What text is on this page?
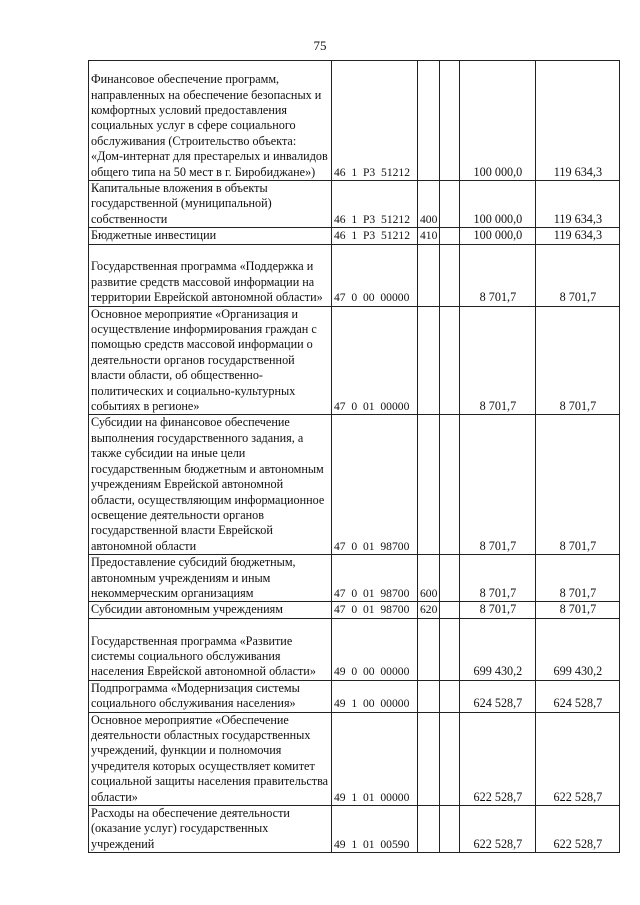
75
Финансовое обеспечение программ, направленных на обеспечение безопасных и комфортных условий предоставления социальных услуг в сфере социального обслуживания (Строительство объекта: «Дом-интернат для престарелых и инвалидов общего типа на 50 мест в г. Биробиджане»)	46  1  Р3  51212			100 000,0	119 634,3
Капитальные вложения в объекты государственной (муниципальной) собственности	46  1  Р3  51212	400		100 000,0	119 634,3
Бюджетные инвестиции	46  1  Р3  51212	410		100 000,0	119 634,3
Государственная программа «Поддержка и развитие средств массовой информации на территории Еврейской автономной области»	47  0  00  00000			8 701,7	8 701,7
Основное мероприятие «Организация и осуществление информирования граждан с помощью средств массовой информации о деятельности органов государственной власти области, об общественно-политических и социально-культурных событиях в регионе»	47  0  01  00000			8 701,7	8 701,7
Субсидии на финансовое обеспечение выполнения государственного задания, а также субсидии на иные цели государственным бюджетным и автономным учреждениям Еврейской автономной области, осуществляющим информационное освещение деятельности органов государственной власти Еврейской автономной области	47  0  01  98700			8 701,7	8 701,7
Предоставление субсидий бюджетным, автономным учреждениям и иным некоммерческим организациям	47  0  01  98700	600		8 701,7	8 701,7
Субсидии автономным учреждениям	47  0  01  98700	620		8 701,7	8 701,7
Государственная программа «Развитие системы социального обслуживания населения Еврейской автономной области»	49  0  00  00000			699 430,2	699 430,2
Подпрограмма «Модернизация системы социального обслуживания населения»	49  1  00  00000			624 528,7	624 528,7
Основное мероприятие «Обеспечение деятельности областных государственных учреждений, функции и полномочия учредителя которых осуществляет комитет социальной защиты населения правительства области»	49  1  01  00000			622 528,7	622 528,7
Расходы на обеспечение деятельности (оказание услуг) государственных учреждений	49  1  01  00590			622 528,7	622 528,7
